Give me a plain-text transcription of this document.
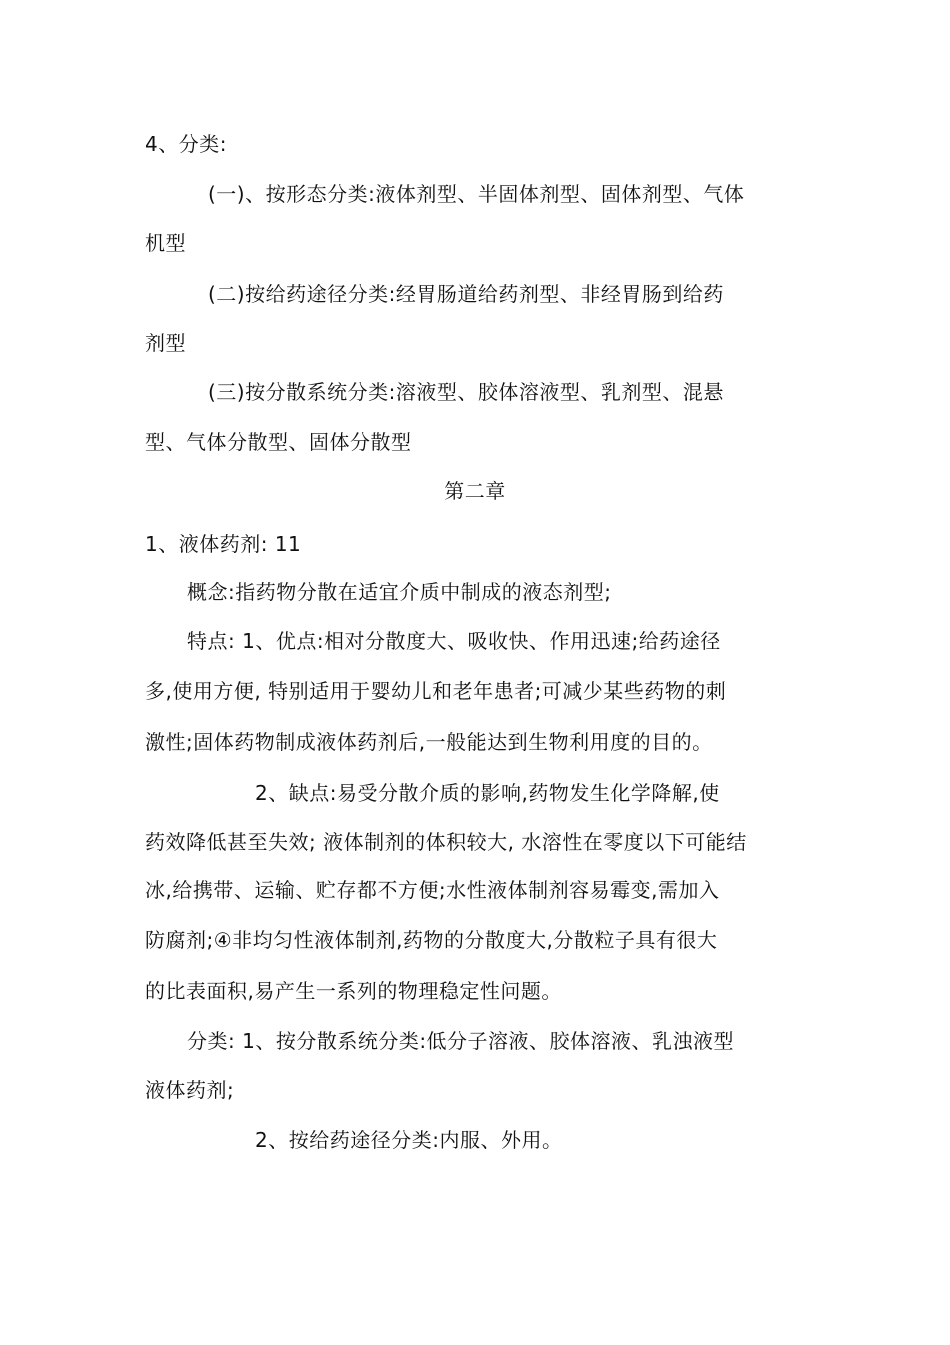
4、分类:
(一)、按形态分类:液体剂型、半固体剂型、固体剂型、气体
机型
(二)按给药途径分类:经胃肠道给药剂型、非经胃肠到给药
剂型
(三)按分散系统分类:溶液型、胶体溶液型、乳剂型、混悬
型、气体分散型、固体分散型
第二章
1、液体药剂: 11
概念:指药物分散在适宜介质中制成的液态剂型;
特点: 1、优点:相对分散度大、吸收快、作用迅速;给药途径
多,使用方便, 特别适用于婴幼儿和老年患者;可减少某些药物的刺
激性;固体药物制成液体药剂后,一般能达到生物利用度的目的。
2、缺点:易受分散介质的影响,药物发生化学降解,使
药效降低甚至失效; 液体制剂的体积较大, 水溶性在零度以下可能结
冰,给携带、运输、贮存都不方便;水性液体制剂容易霉变,需加入
防腐剂;④非均匀性液体制剂,药物的分散度大,分散粒子具有很大
的比表面积,易产生一系列的物理稳定性问题。
分类: 1、按分散系统分类:低分子溶液、胶体溶液、乳浊液型
液体药剂;
2、按给药途径分类:内服、外用。
